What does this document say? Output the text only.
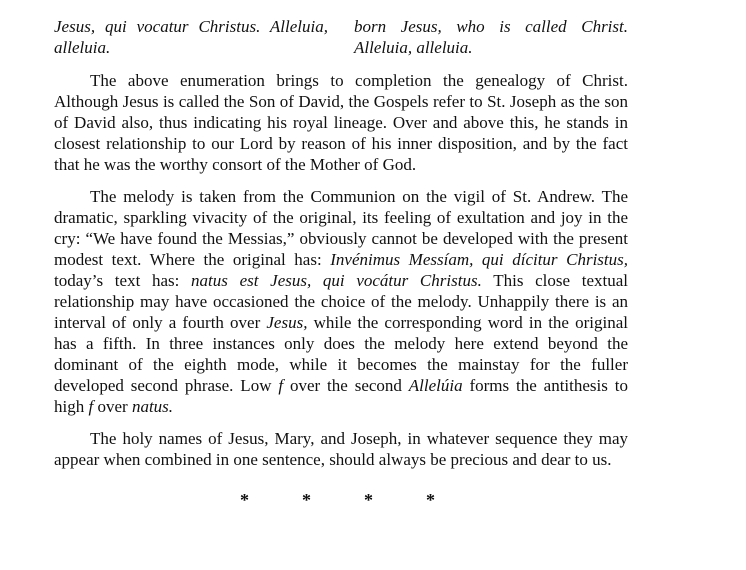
Jesus, qui vocatur Christus. Alleluia, alleluia.
born Jesus, who is called Christ. Alleluia, alleluia.

The above enumeration brings to completion the genealogy of Christ. Although Jesus is called the Son of David, the Gospels refer to St. Joseph as the son of David also, thus indicating his royal lineage. Over and above this, he stands in closest relationship to our Lord by reason of his inner disposition, and by the fact that he was the worthy consort of the Mother of God.

The melody is taken from the Communion on the vigil of St. Andrew. The dramatic, sparkling vivacity of the original, its feeling of exultation and joy in the cry: “We have found the Messias,” obviously cannot be developed with the present modest text. Where the original has: Invénimus Messíam, qui dícitur Christus, today’s text has: natus est Jesus, qui vocátur Christus. This close textual relationship may have occasioned the choice of the melody. Unhappily there is an interval of only a fourth over Jesus, while the corresponding word in the original has a fifth. In three instances only does the melody here extend beyond the dominant of the eighth mode, while it becomes the mainstay for the fuller developed second phrase. Low f over the second Allelúia forms the antithesis to high f over natus.

The holy names of Jesus, Mary, and Joseph, in whatever sequence they may appear when combined in one sentence, should always be precious and dear to us.

*	*	*	*
